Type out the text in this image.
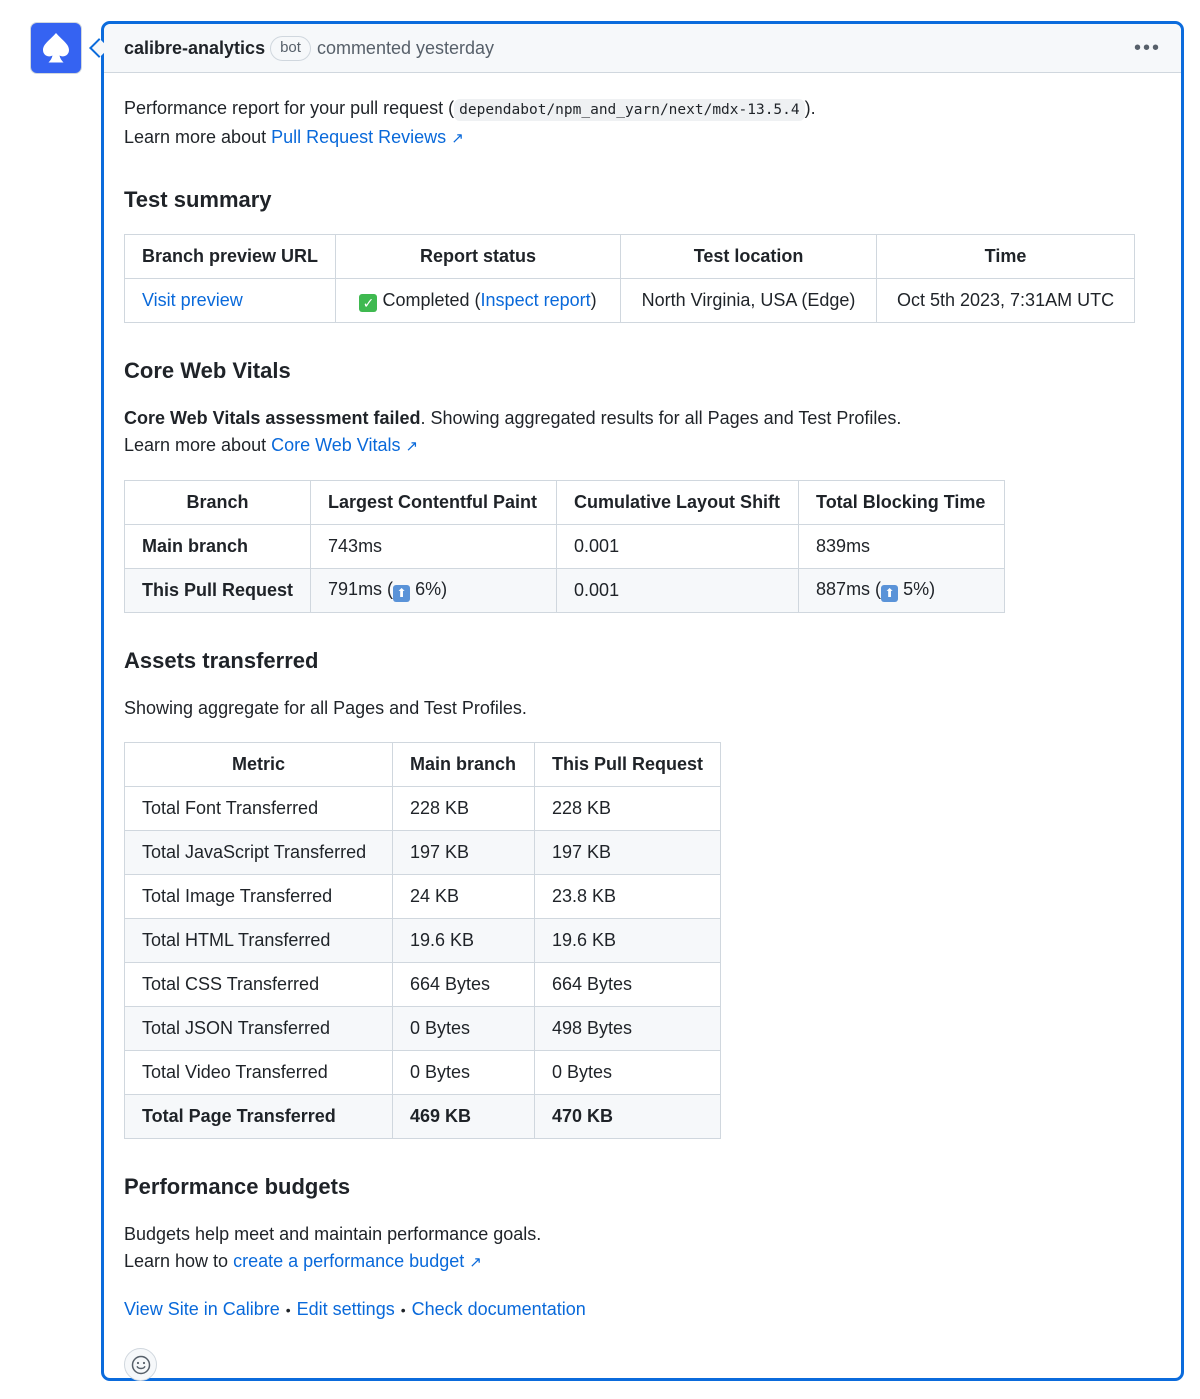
calibre-analytics	bot commented yesterday	•••

Performance report for your pull request ( dependabot/npm_and_yarn/next/mdx-13.5.4 ).

Learn more about Pull Request Reviews ↗

Test summary
Branch preview URL	Report status	Test location	Time
Visit preview	✓ Completed (Inspect report)	North Virginia, USA (Edge)	Oct 5th 2023, 7:31AM UTC
Core Web Vitals

Core Web Vitals assessment failed. Showing aggregated results for all Pages and Test Profiles.

Learn more about Core Web Vitals ↗

Branch	Largest Contentful Paint	Cumulative Layout Shift	Total Blocking Time
Main branch	743ms	0.001	839ms
This Pull Request	791ms ( ⬆ 6%)	0.001	887ms ( ⬆ 5%)
Assets transferred

Showing aggregate for all Pages and Test Profiles.

Metric	Main branch	This Pull Request
Total Font Transferred	228 KB	228 KB
Total JavaScript Transferred	197 KB	197 KB
Total Image Transferred	24 KB	23.8 KB
Total HTML Transferred	19.6 KB	19.6 KB
Total CSS Transferred	664 Bytes	664 Bytes
Total JSON Transferred	0 Bytes	498 Bytes
Total Video Transferred	0 Bytes	0 Bytes
Total Page Transferred	469 KB	470 KB
Performance budgets

Budgets help meet and maintain performance goals.

Learn how to create a performance budget ↗

View Site in Calibre • Edit settings • Check documentation
